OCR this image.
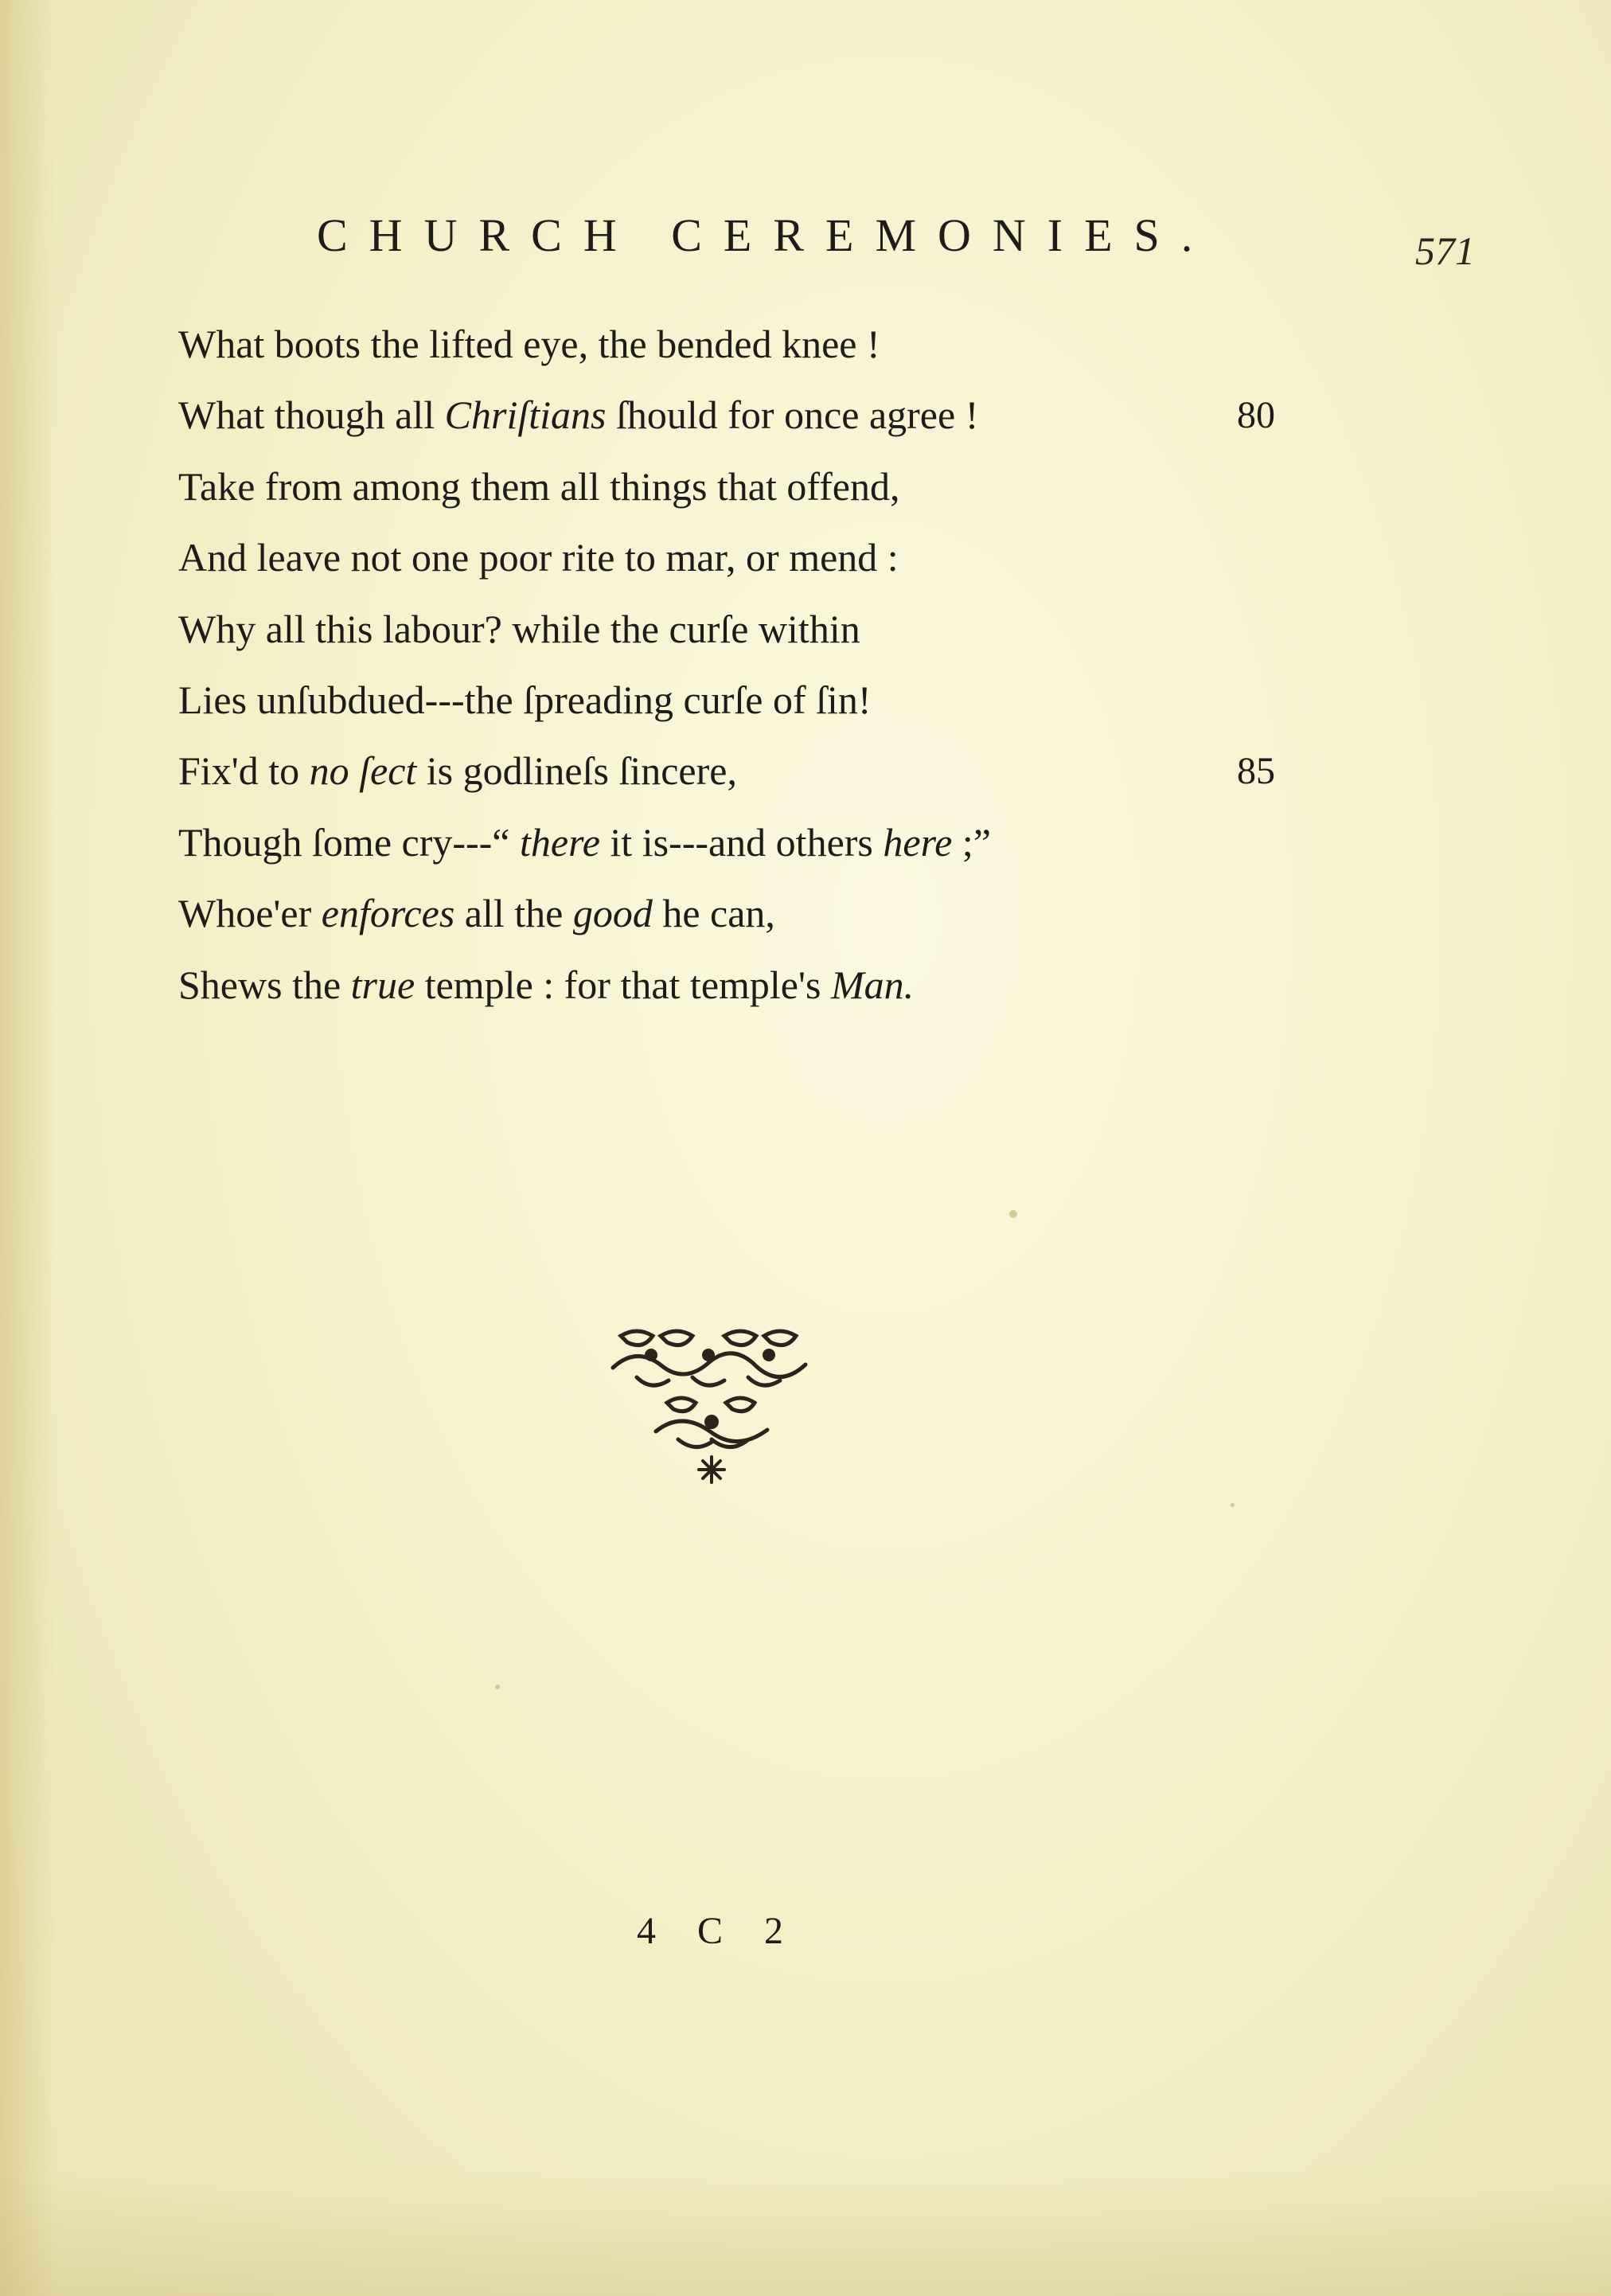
CHURCH CEREMONIES.	571
What boots the lifted eye, the bended knee !
What though all Chriſtians ſhould for once agree !	80
Take from among them all things that offend,
And leave not one poor rite to mar, or mend :
Why all this labour? while the curſe within
Lies unſubdued---the ſpreading curſe of ſin!
Fix'd to no ſect is godlineſs ſincere,	85
Though ſome cry---“ there it is---and others here ;”
Whoe'er enforces all the good he can,
Shews the true temple : for that temple's Man.
4 C 2
